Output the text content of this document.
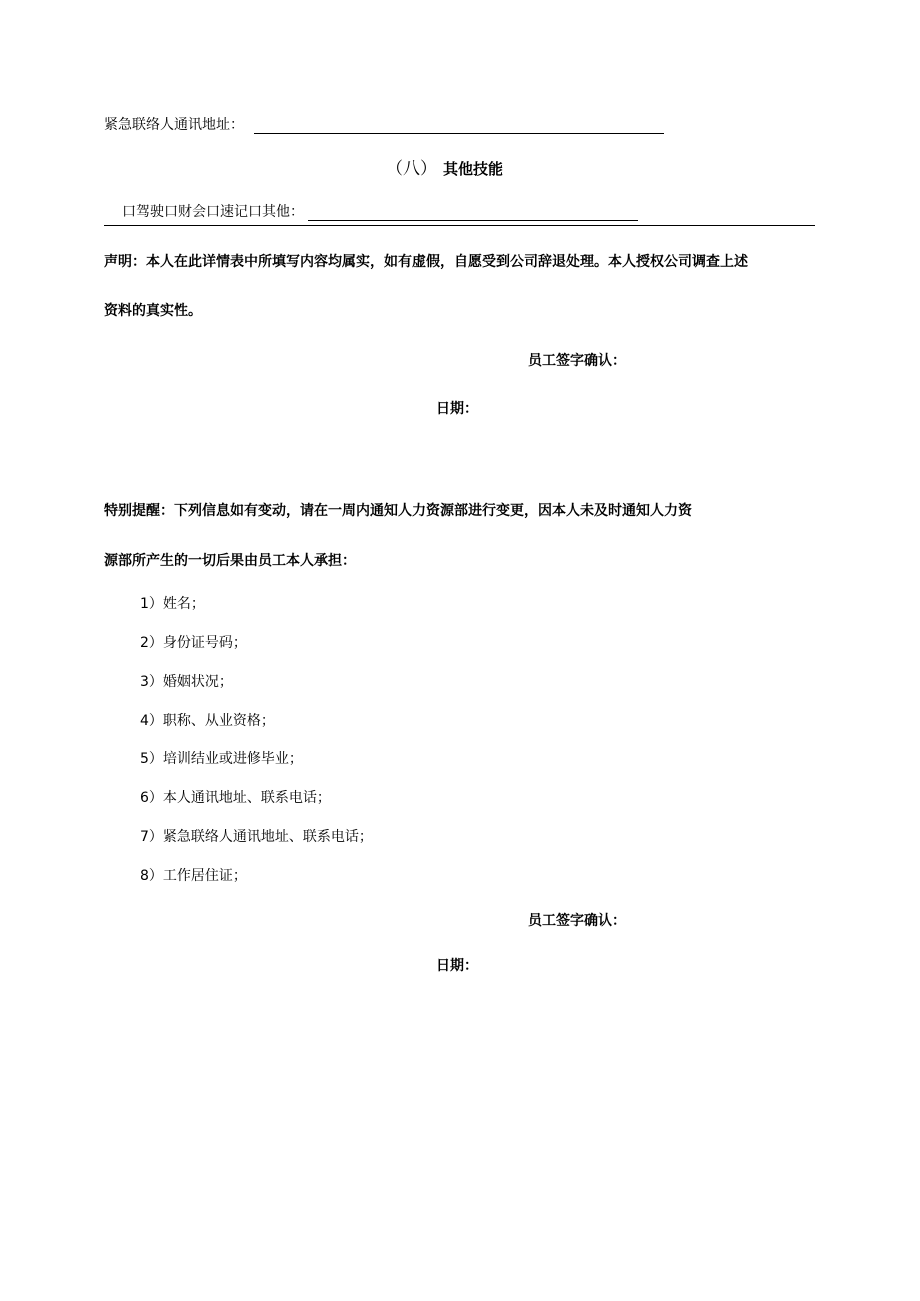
紧急联络人通讯地址：
（八） 其他技能
口驾驶口财会口速记口其他：
声明：本人在此详情表中所填写内容均属实，如有虚假，自愿受到公司辞退处理。本人授权公司调查上述
资料的真实性。
员工签字确认：
日期：
特别提醒：下列信息如有变动，请在一周内通知人力资源部进行变更，因本人未及时通知人力资
源部所产生的一切后果由员工本人承担：
1）姓名；
2）身份证号码；
3）婚姻状况；
4）职称、从业资格；
5）培训结业或进修毕业；
6）本人通讯地址、联系电话；
7）紧急联络人通讯地址、联系电话；
8）工作居住证；
员工签字确认：
日期：
